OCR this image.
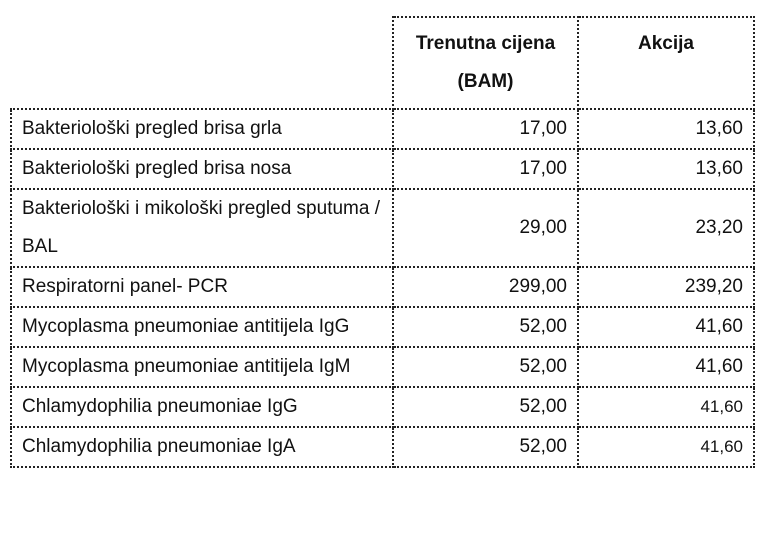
	Trenutna cijena (BAM)	Akcija
Bakteriološki pregled brisa grla	17,00	13,60
Bakteriološki pregled brisa nosa	17,00	13,60
Bakteriološki i mikološki pregled sputuma / BAL	29,00	23,20
Respiratorni panel- PCR	299,00	239,20
Mycoplasma pneumoniae antitijela IgG	52,00	41,60
Mycoplasma pneumoniae antitijela IgM	52,00	41,60
Chlamydophilia pneumoniae IgG	52,00	41,60
Chlamydophilia pneumoniae IgA	52,00	41,60
